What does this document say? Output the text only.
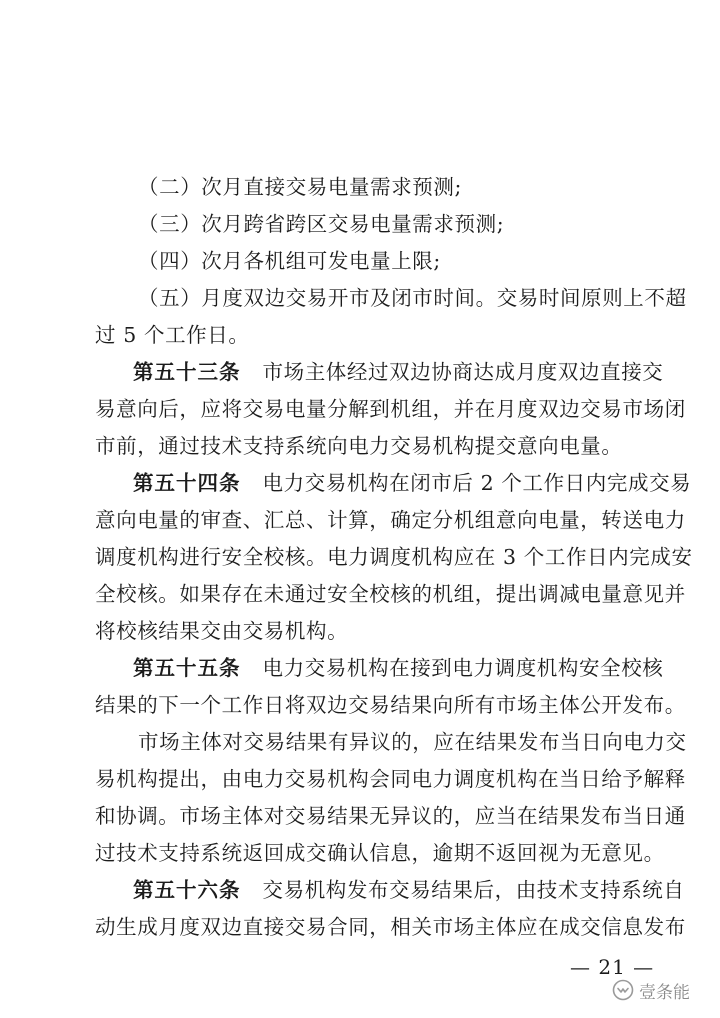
（二）次月直接交易电量需求预测;
（三）次月跨省跨区交易电量需求预测;
（四）次月各机组可发电量上限;
（五）月度双边交易开市及闭市时间。交易时间原则上不超
过 5 个工作日。
第五十三条 市场主体经过双边协商达成月度双边直接交
易意向后，应将交易电量分解到机组，并在月度双边交易市场闭
市前，通过技术支持系统向电力交易机构提交意向电量。
第五十四条 电力交易机构在闭市后 2 个工作日内完成交易
意向电量的审查、汇总、计算，确定分机组意向电量，转送电力
调度机构进行安全校核。电力调度机构应在 3 个工作日内完成安
全校核。如果存在未通过安全校核的机组，提出调减电量意见并
将校核结果交由交易机构。
第五十五条 电力交易机构在接到电力调度机构安全校核
结果的下一个工作日将双边交易结果向所有市场主体公开发布。
市场主体对交易结果有异议的，应在结果发布当日向电力交
易机构提出，由电力交易机构会同电力调度机构在当日给予解释
和协调。市场主体对交易结果无异议的，应当在结果发布当日通
过技术支持系统返回成交确认信息，逾期不返回视为无意见。
第五十六条 交易机构发布交易结果后，由技术支持系统自
动生成月度双边直接交易合同，相关市场主体应在成交信息发布
— 21 —
壹条能
